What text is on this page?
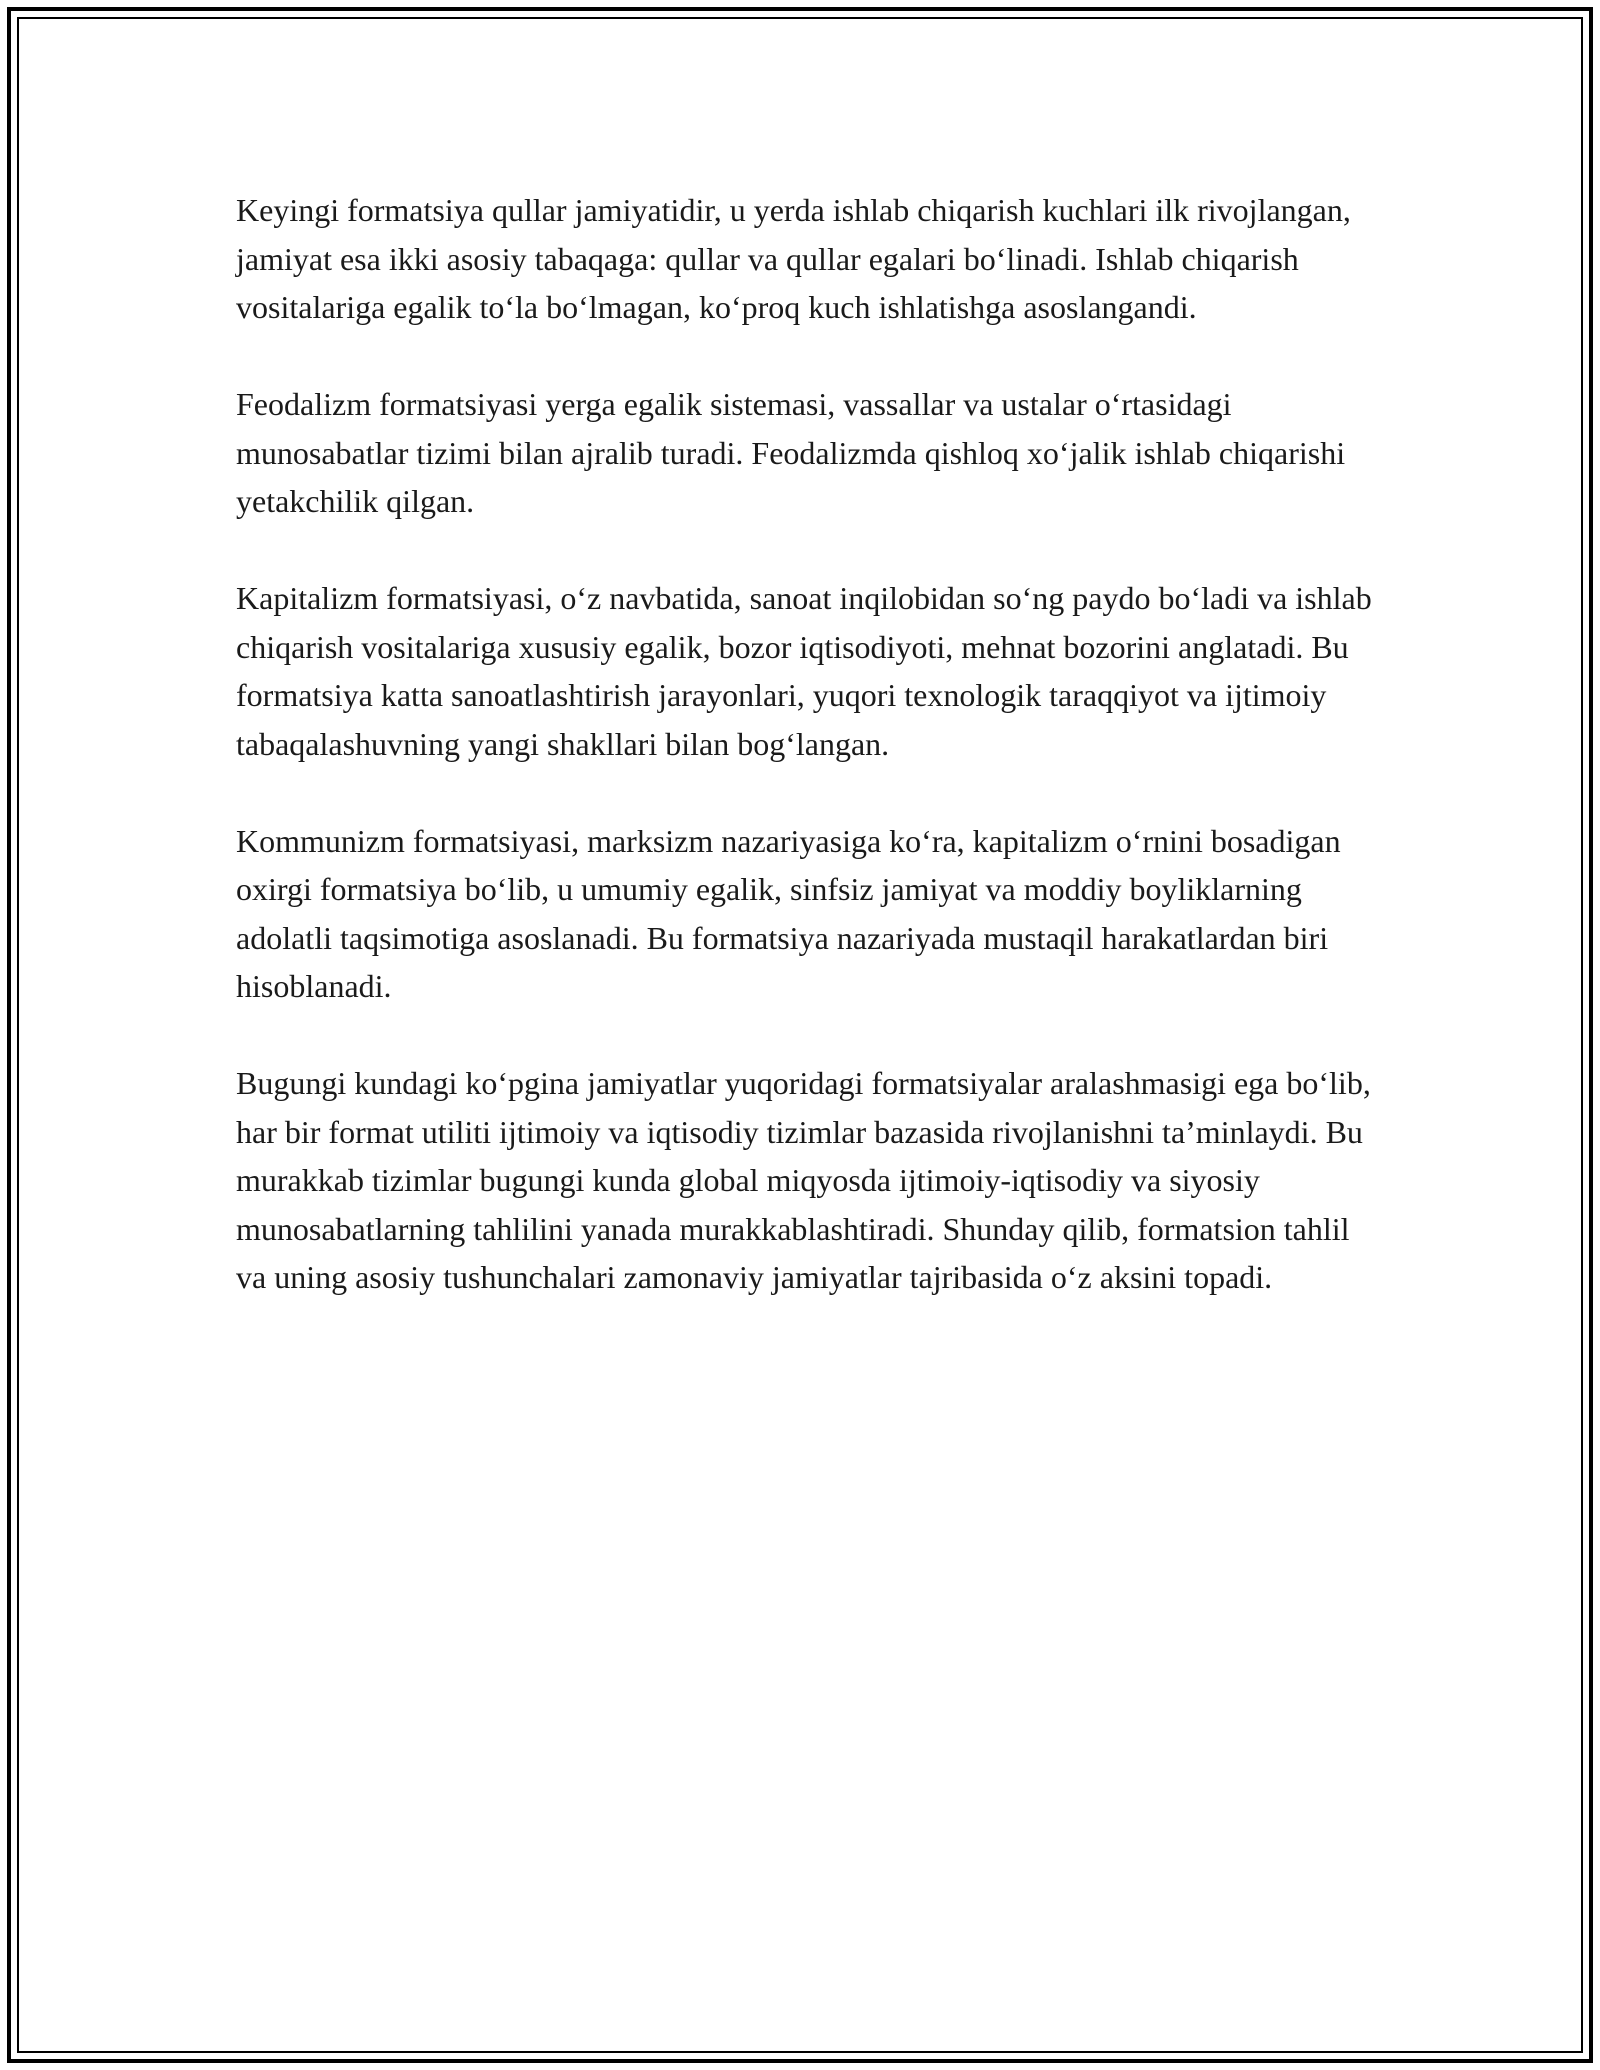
Keyingi formatsiya qullar jamiyatidir, u yerda ishlab chiqarish kuchlari ilk rivojlangan, jamiyat esa ikki asosiy tabaqaga: qullar va qullar egalari boʻlinadi. Ishlab chiqarish vositalariga egalik toʻla boʻlmagan, koʻproq kuch ishlatishga asoslangandi.

Feodalizm formatsiyasi yerga egalik sistemasi, vassallar va ustalar oʻrtasidagi munosabatlar tizimi bilan ajralib turadi. Feodalizmda qishloq xoʻjalik ishlab chiqarishi yetakchilik qilgan.

Kapitalizm formatsiyasi, oʻz navbatida, sanoat inqilobidan soʻng paydo boʻladi va ishlab chiqarish vositalariga xususiy egalik, bozor iqtisodiyoti, mehnat bozorini anglatadi. Bu formatsiya katta sanoatlashtirish jarayonlari, yuqori texnologik taraqqiyot va ijtimoiy tabaqalashuvning yangi shakllari bilan bogʻlangan.

Kommunizm formatsiyasi, marksizm nazariyasiga koʻra, kapitalizm oʻrnini bosadigan oxirgi formatsiya boʻlib, u umumiy egalik, sinfsiz jamiyat va moddiy boyliklarning adolatli taqsimotiga asoslanadi. Bu formatsiya nazariyada mustaqil harakatlardan biri hisoblanadi.

Bugungi kundagi koʻpgina jamiyatlar yuqoridagi formatsiyalar aralashmasigi ega boʻlib, har bir format utiliti ijtimoiy va iqtisodiy tizimlar bazasida rivojlanishni taʼminlaydi. Bu murakkab tizimlar bugungi kunda global miqyosda ijtimoiy-iqtisodiy va siyosiy munosabatlarning tahlilini yanada murakkablashtiradi. Shunday qilib, formatsion tahlil va uning asosiy tushunchalari zamonaviy jamiyatlar tajribasida oʻz aksini topadi.
